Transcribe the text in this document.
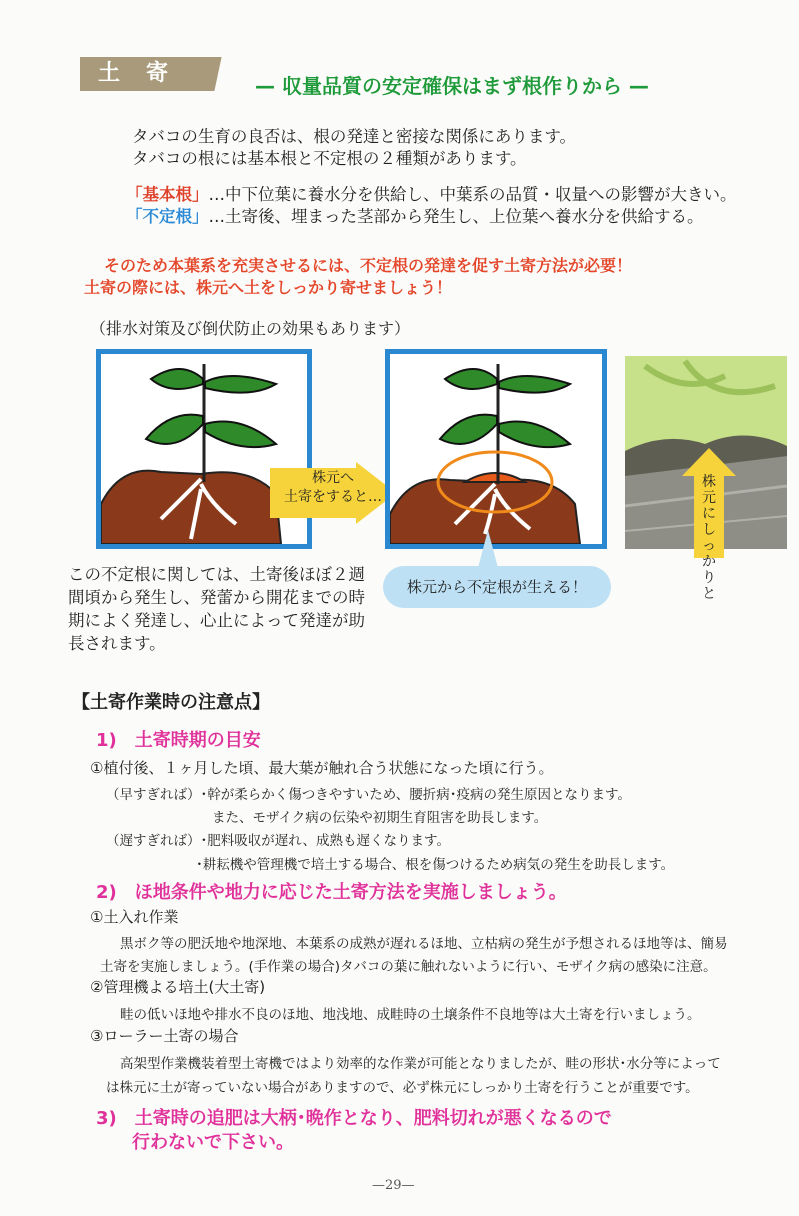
土寄	— 収量品質の安定確保はまず根作りから —
タバコの生育の良否は、根の発達と密接な関係にあります。
タバコの根には基本根と不定根の２種類があります。
「基本根」…中下位葉に養水分を供給し、中葉系の品質・収量への影響が大きい。
「不定根」…土寄後、埋まった茎部から発生し、上位葉へ養水分を供給する。
そのため本葉系を充実させるには、不定根の発達を促す土寄方法が必要！
土寄の際には、株元へ土をしっかり寄せましょう！
（排水対策及び倒伏防止の効果もあります）
株元へ
土寄をすると…
株元にしっかりと
株元から不定根が生える！
この不定根に関しては、土寄後ほぼ２週間頃から発生し、発蕾から開花までの時期によく発達し、心止によって発達が助長されます。
【土寄作業時の注意点】
1)　土寄時期の目安
①植付後、１ヶ月した頃、最大葉が触れ合う状態になった頃に行う。
（早すぎれば）･幹が柔らかく傷つきやすいため、腰折病･疫病の発生原因となります。
また、モザイク病の伝染や初期生育阻害を助長します。
（遅すぎれば）･肥料吸収が遅れ、成熟も遅くなります。
･耕耘機や管理機で培土する場合、根を傷つけるため病気の発生を助長します。
2)　ほ地条件や地力に応じた土寄方法を実施しましょう。
①土入れ作業
黒ボク等の肥沃地や地深地、本葉系の成熟が遅れるほ地、立枯病の発生が予想されるほ地等は、簡易
土寄を実施しましょう。(手作業の場合)タバコの葉に触れないように行い、モザイク病の感染に注意。
②管理機よる培土(大土寄)
畦の低いほ地や排水不良のほ地、地浅地、成畦時の土壌条件不良地等は大土寄を行いましょう。
③ローラー土寄の場合
高架型作業機装着型土寄機ではより効率的な作業が可能となりましたが、畦の形状･水分等によって
は株元に土が寄っていない場合がありますので、必ず株元にしっかり土寄を行うことが重要です。
3)　土寄時の追肥は大柄･晩作となり、肥料切れが悪くなるので
行わないで下さい。
—29—
